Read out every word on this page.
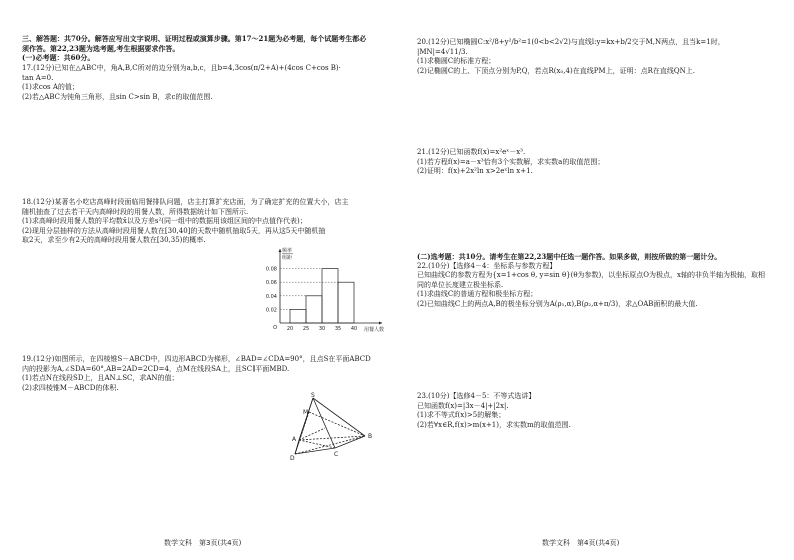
三、解答题：共70分。解答应写出文字说明、证明过程或演算步骤。第17～21题为必考题，每个试题考生都必

须作答。第22,23题为选考题,考生根据要求作答。

(一)必考题：共60分。

17.(12分)已知在△ABC中，角A,B,C所对的边分别为a,b,c，且b=4,3cos(π/2+A)+(4cos C+cos B)·

tan A=0.

(1)求cos A的值；

(2)若△ABC为钝角三角形，且sin C>sin B，求c的取值范围.

18.(12分)某著名小吃店高峰时段面临用餐排队问题，店主打算扩充店面，为了确定扩充的位置大小，店主

随机抽查了过去若干天内高峰时段的用餐人数，所得数据统计如下图所示.

(1)求高峰时段用餐人数的平均数x̄以及方差s²(同一组中的数据用该组区间的中点值作代表)；

(2)现用分层抽样的方法从高峰时段用餐人数在[30,40]的天数中随机抽取5天，再从这5天中随机抽

取2天，求至少有2天的高峰时段用餐人数在[30,35)的概率.

0.08
0.06
0.04
0.02
20 25 30 35 40
O
频率
组距
用餐人数

19.(12分)如图所示，在四棱锥S－ABCD中，四边形ABCD为梯形，∠BAD=∠CDA=90°，且点S在平面ABCD

内的投影为A,∠SDA=60°,AB=2AD=2CD=4，点M在线段SA上，且SC∥平面MBD.

(1)若点N在线段SD上，且AN⊥SC，求AN的值；

(2)求四棱锥M－ABCD的体积.

S
M
A	B
C
D
数学文科　第3页(共4页)

20.(12分)已知椭圆C:x²/8+y²/b²=1(0<b<2√2)与直线l:y=kx+b/2交于M,N两点，且当k=1时，

|MN|=4√11/3.

(1)求椭圆C的标准方程；

(2)记椭圆C的上、下顶点分别为P,Q，若点R(x₀,4)在直线PM上，证明：点R在直线QN上.

21.(12分)已知函数f(x)=x²eˣ－x³.

(1)若方程f(x)=a－x³恰有3个实数解，求实数a的取值范围；

(2)证明：f(x)+2x²ln x>2eˣln x+1.

(二)选考题：共10分。请考生在第22,23题中任选一题作答。如果多做，则按所做的第一题计分。

22.(10分)【选修4－4：坐标系与参数方程】

已知曲线C的参数方程为{x=1+cos θ, y=sin θ}(θ为参数)，以坐标原点O为极点，x轴的非负半轴为极轴，取相

同的单位长度建立极坐标系.

(1)求曲线C的普通方程和极坐标方程；

(2)已知曲线C上的两点A,B的极坐标分别为A(ρ₁,α),B(ρ₂,α+π/3)，求△OAB面积的最大值.

23.(10分)【选修4－5：不等式选讲】

已知函数f(x)=|3x－4|+|2x|.

(1)求不等式f(x)>5的解集；

(2)若∀x∈R,f(x)>m(x+1)，求实数m的取值范围.

数学文科　第4页(共4页)
